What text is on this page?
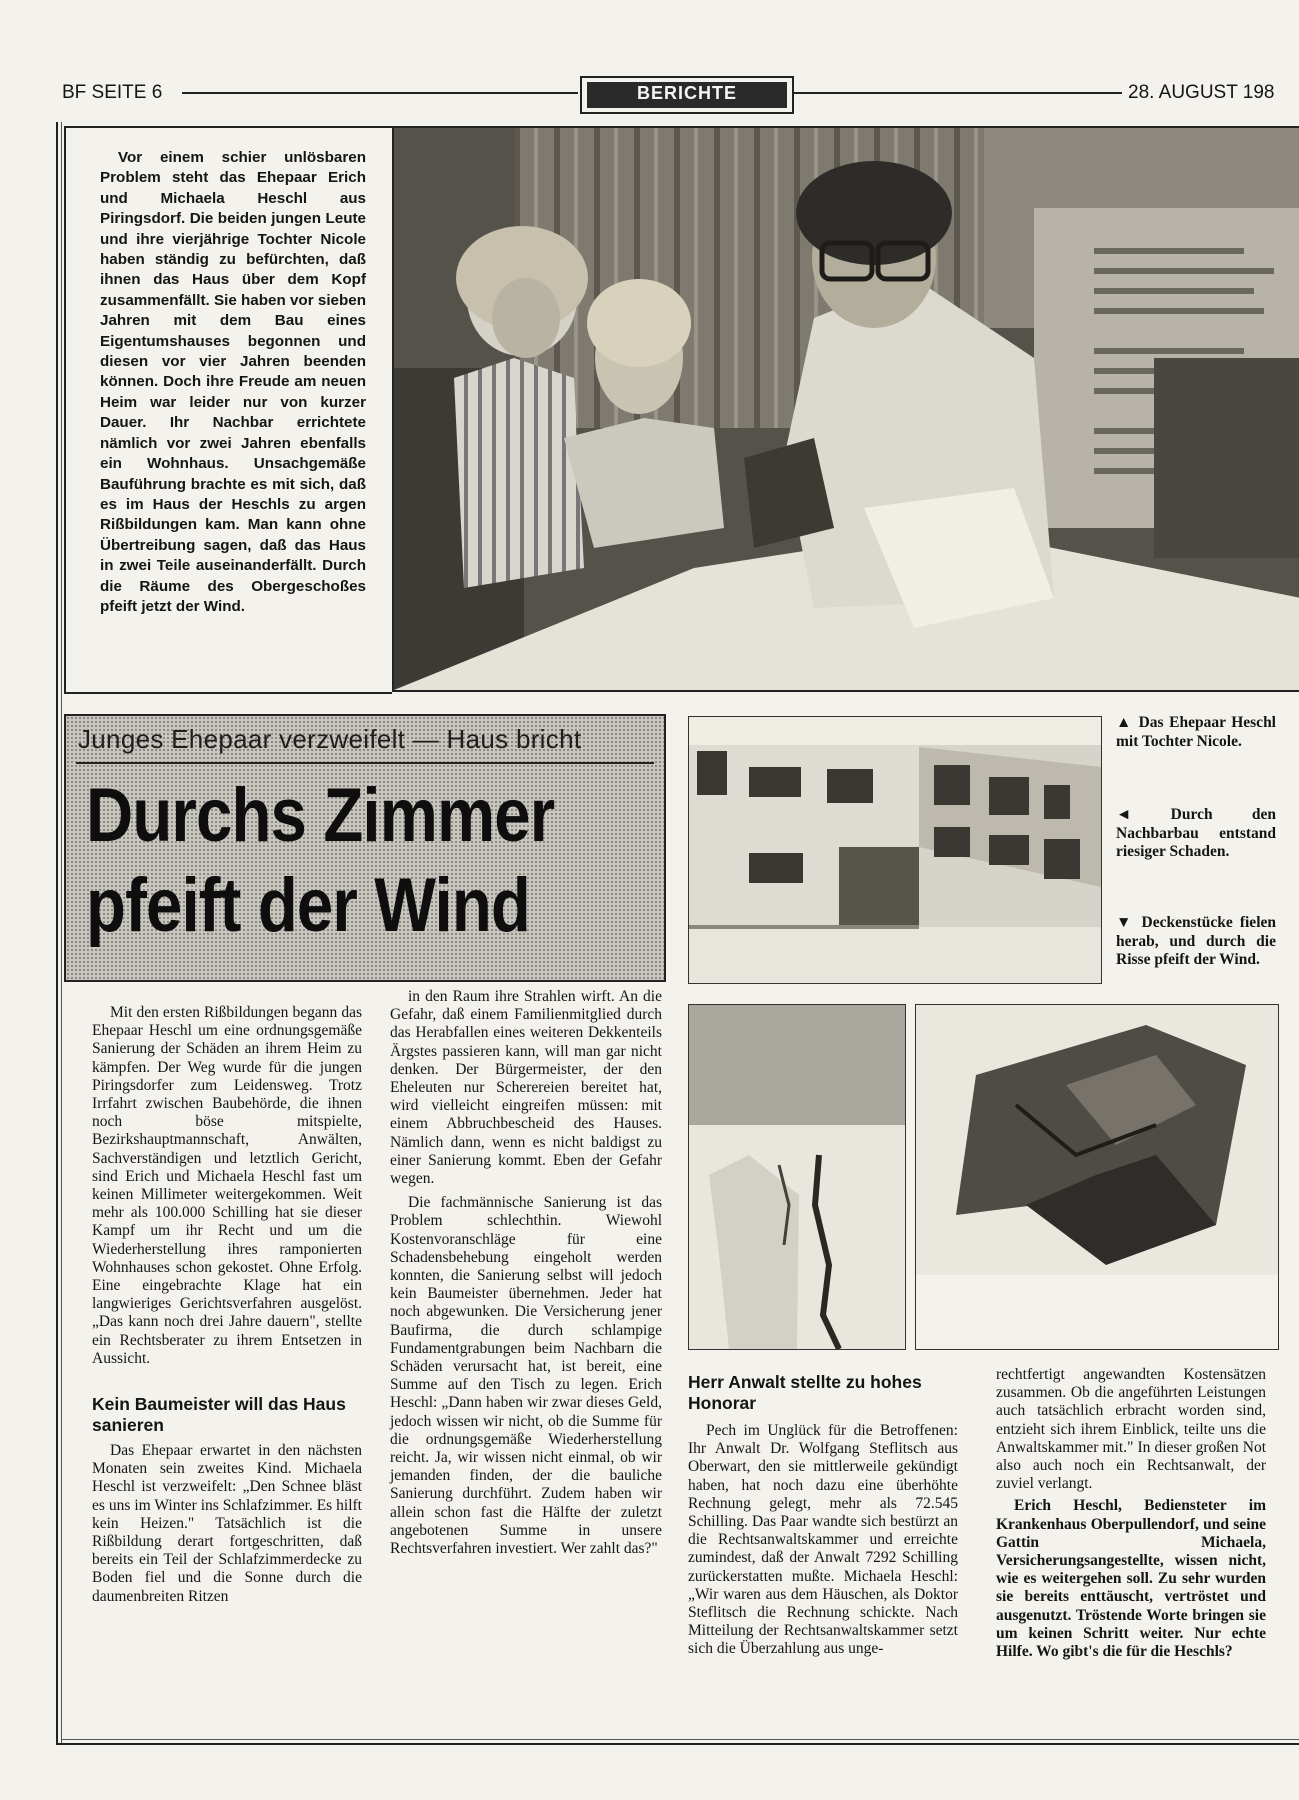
BF SEITE 6	BERICHTE	28. AUGUST 198

Vor einem schier unlösbaren Problem steht das Ehepaar Erich und Michaela Heschl aus Piringsdorf. Die beiden jungen Leute und ihre vierjährige Tochter Nicole haben ständig zu befürchten, daß ihnen das Haus über dem Kopf zusammenfällt. Sie haben vor sieben Jahren mit dem Bau eines Eigentumshauses begonnen und diesen vor vier Jahren beenden können. Doch ihre Freude am neuen Heim war leider nur von kurzer Dauer. Ihr Nachbar errichtete nämlich vor zwei Jahren ebenfalls ein Wohnhaus. Unsachgemäße Bauführung brachte es mit sich, daß es im Haus der Heschls zu argen Rißbildungen kam. Man kann ohne Übertreibung sagen, daß das Haus in zwei Teile auseinanderfällt. Durch die Räume des Obergeschoßes pfeift jetzt der Wind.

Junges Ehepaar verzweifelt — Haus bricht
Durchs Zimmer
pfeift der Wind

▲ Das Ehepaar Heschl mit Tochter Nicole.

◄ Durch den Nachbarbau entstand riesiger Schaden.

▼ Deckenstücke fielen herab, und durch die Risse pfeift der Wind.

Mit den ersten Rißbildungen begann das Ehepaar Heschl um eine ordnungsgemäße Sanierung der Schäden an ihrem Heim zu kämpfen. Der Weg wurde für die jungen Piringsdorfer zum Leidensweg. Trotz Irrfahrt zwischen Baubehörde, die ihnen noch böse mitspielte, Bezirkshauptmannschaft, Anwälten, Sachverständigen und letztlich Gericht, sind Erich und Michaela Heschl fast um keinen Millimeter weitergekommen. Weit mehr als 100.000 Schilling hat sie dieser Kampf um ihr Recht und um die Wiederherstellung ihres ramponierten Wohnhauses schon gekostet. Ohne Erfolg. Eine eingebrachte Klage hat ein langwieriges Gerichtsverfahren ausgelöst. „Das kann noch drei Jahre dauern", stellte ein Rechtsberater zu ihrem Entsetzen in Aussicht.

Kein Baumeister will das Haus sanieren

Das Ehepaar erwartet in den nächsten Monaten sein zweites Kind. Michaela Heschl ist verzweifelt: „Den Schnee bläst es uns im Winter ins Schlafzimmer. Es hilft kein Heizen." Tatsächlich ist die Rißbildung derart fortgeschritten, daß bereits ein Teil der Schlafzimmerdecke zu Boden fiel und die Sonne durch die daumenbreiten Ritzen

in den Raum ihre Strahlen wirft. An die Gefahr, daß einem Familienmitglied durch das Herabfallen eines weiteren Dekkenteils Ärgstes passieren kann, will man gar nicht denken. Der Bürgermeister, der den Eheleuten nur Scherereien bereitet hat, wird vielleicht eingreifen müssen: mit einem Abbruchbescheid des Hauses. Nämlich dann, wenn es nicht baldigst zu einer Sanierung kommt. Eben der Gefahr wegen.

Die fachmännische Sanierung ist das Problem schlechthin. Wiewohl Kostenvoranschläge für eine Schadensbehebung eingeholt werden konnten, die Sanierung selbst will jedoch kein Baumeister übernehmen. Jeder hat noch abgewunken. Die Versicherung jener Baufirma, die durch schlampige Fundamentgrabungen beim Nachbarn die Schäden verursacht hat, ist bereit, eine Summe auf den Tisch zu legen. Erich Heschl: „Dann haben wir zwar dieses Geld, jedoch wissen wir nicht, ob die Summe für die ordnungsgemäße Wiederherstellung reicht. Ja, wir wissen nicht einmal, ob wir jemanden finden, der die bauliche Sanierung durchführt. Zudem haben wir allein schon fast die Hälfte der zuletzt angebotenen Summe in unsere Rechtsverfahren investiert. Wer zahlt das?"

Herr Anwalt stellte zu hohes Honorar

Pech im Unglück für die Betroffenen: Ihr Anwalt Dr. Wolfgang Steflitsch aus Oberwart, den sie mittlerweile gekündigt haben, hat noch dazu eine überhöhte Rechnung gelegt, mehr als 72.545 Schilling. Das Paar wandte sich bestürzt an die Rechtsanwaltskammer und erreichte zumindest, daß der Anwalt 7292 Schilling zurückerstatten mußte. Michaela Heschl: „Wir waren aus dem Häuschen, als Doktor Steflitsch die Rechnung schickte. Nach Mitteilung der Rechtsanwaltskammer setzt sich die Überzahlung aus unge-

rechtfertigt angewandten Kostensätzen zusammen. Ob die angeführten Leistungen auch tatsächlich erbracht worden sind, entzieht sich ihrem Einblick, teilte uns die Anwaltskammer mit." In dieser großen Not also auch noch ein Rechtsanwalt, der zuviel verlangt.

Erich Heschl, Bediensteter im Krankenhaus Oberpullendorf, und seine Gattin Michaela, Versicherungsangestellte, wissen nicht, wie es weitergehen soll. Zu sehr wurden sie bereits enttäuscht, vertröstet und ausgenutzt. Tröstende Worte bringen sie um keinen Schritt weiter. Nur echte Hilfe. Wo gibt's die für die Heschls?
